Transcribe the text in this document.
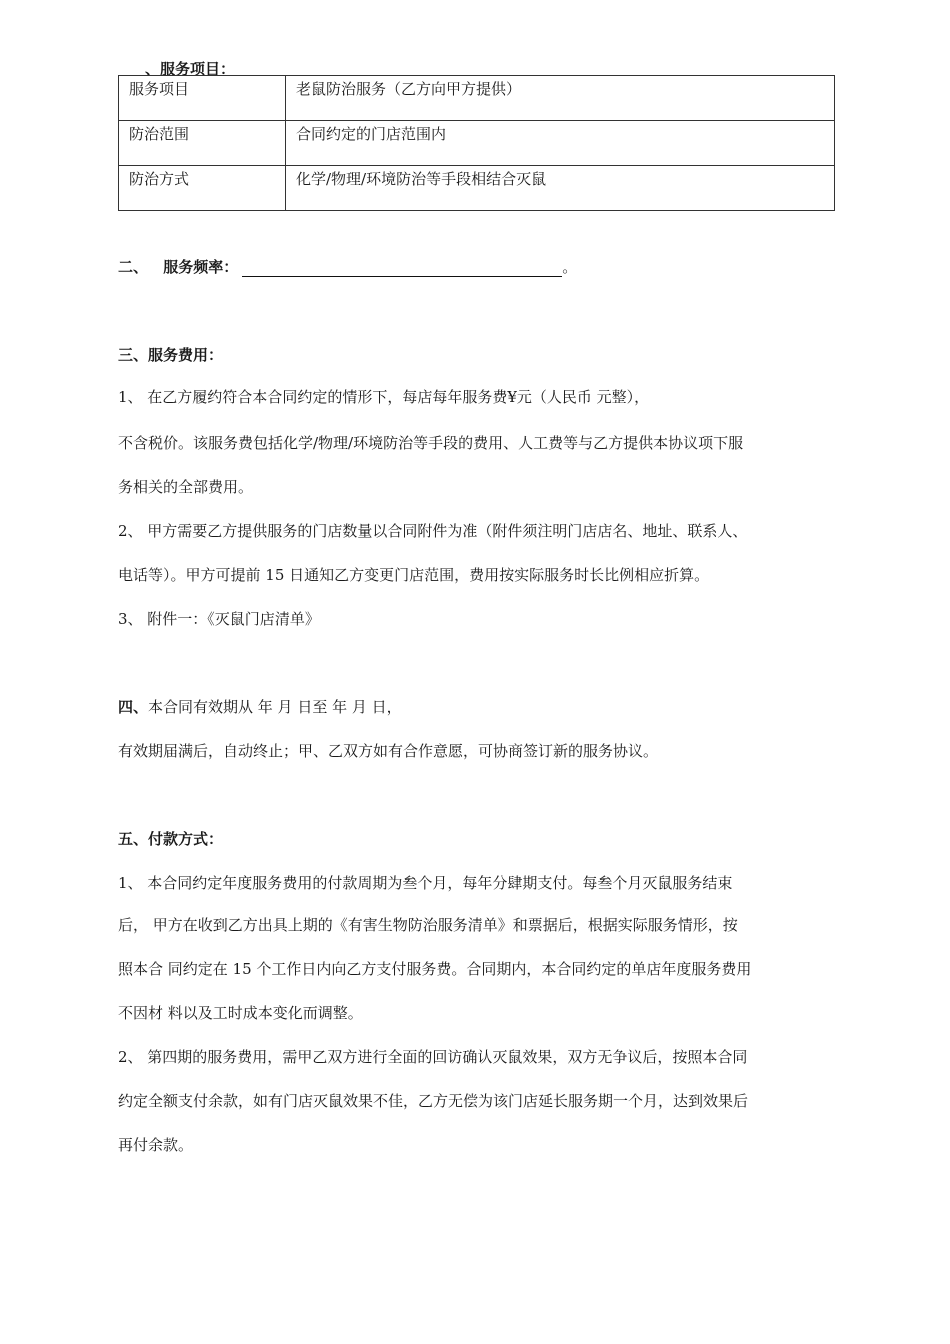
、服务项目：
服务项目	老鼠防治服务（乙方向甲方提供）
防治范围	合同约定的门店范围内
防治方式	化学/物理/环境防治等手段相结合灭鼠
二、 服务频率：	。
三、服务费用：
1、 在乙方履约符合本合同约定的情形下，每店每年服务费¥元（人民币 元整），
不含税价。该服务费包括化学/物理/环境防治等手段的费用、人工费等与乙方提供本协议项下服
务相关的全部费用。
2、 甲方需要乙方提供服务的门店数量以合同附件为准（附件须注明门店店名、地址、联系人、
电话等）。甲方可提前 15 日通知乙方变更门店范围，费用按实际服务时长比例相应折算。
3、 附件一：《灭鼠门店清单》
四、本合同有效期从 年 月 日至 年 月 日，
有效期届满后，自动终止；甲、乙双方如有合作意愿，可协商签订新的服务协议。
五、付款方式：
1、 本合同约定年度服务费用的付款周期为叁个月，每年分肆期支付。每叁个月灭鼠服务结束
后， 甲方在收到乙方出具上期的《有害生物防治服务清单》和票据后，根据实际服务情形，按
照本合 同约定在 15 个工作日内向乙方支付服务费。合同期内，本合同约定的单店年度服务费用
不因材 料以及工时成本变化而调整。
2、 第四期的服务费用，需甲乙双方进行全面的回访确认灭鼠效果，双方无争议后，按照本合同
约定全额支付余款，如有门店灭鼠效果不佳，乙方无偿为该门店延长服务期一个月，达到效果后
再付余款。
